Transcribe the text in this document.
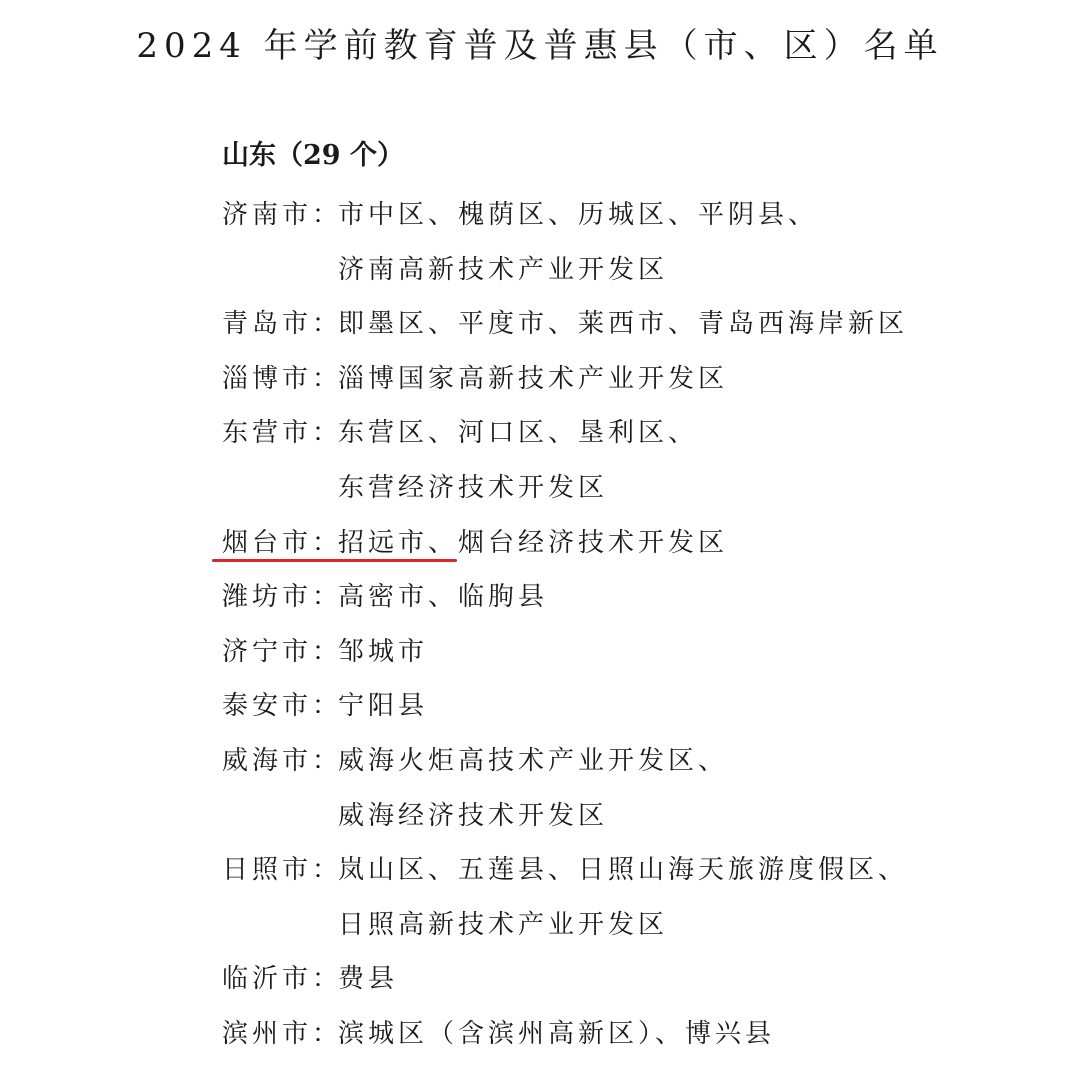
2024 年学前教育普及普惠县（市、区）名单
山东（29 个）
济南市：
市中区、槐荫区、历城区、平阴县、
济南高新技术产业开发区
青岛市：
即墨区、平度市、莱西市、青岛西海岸新区
淄博市：
淄博国家高新技术产业开发区
东营市：
东营区、河口区、垦利区、
东营经济技术开发区
烟台市：
招远市、烟台经济技术开发区
潍坊市：
高密市、临朐县
济宁市：
邹城市
泰安市：
宁阳县
威海市：
威海火炬高技术产业开发区、
威海经济技术开发区
日照市：
岚山区、五莲县、日照山海天旅游度假区、
日照高新技术产业开发区
临沂市：
费县
滨州市：
滨城区（含滨州高新区）、博兴县
